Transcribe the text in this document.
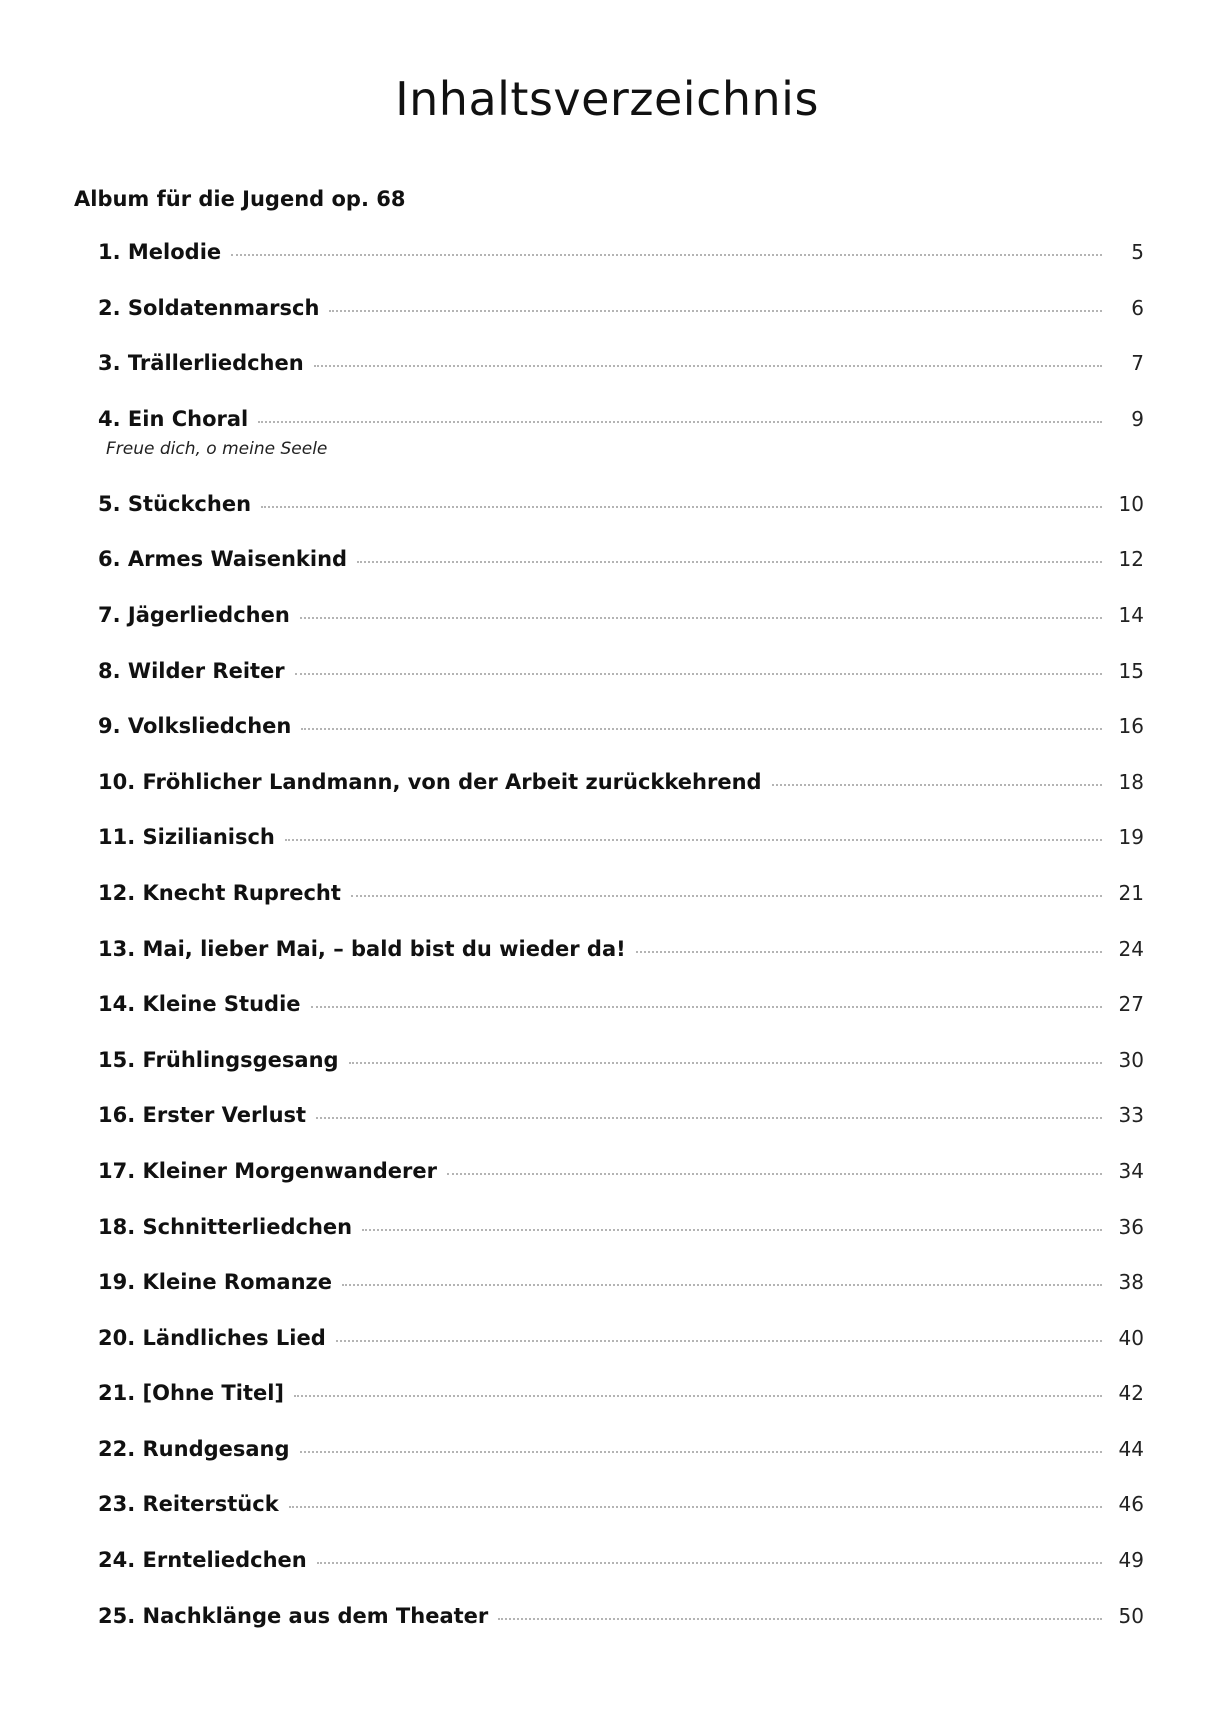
Inhaltsverzeichnis
Album für die Jugend op. 68
1. Melodie	5
2. Soldatenmarsch	6
3. Trällerliedchen	7
4. Ein Choral	9
Freue dich, o meine Seele
5. Stückchen	10
6. Armes Waisenkind	12
7. Jägerliedchen	14
8. Wilder Reiter	15
9. Volksliedchen	16
10. Fröhlicher Landmann, von der Arbeit zurückkehrend	18
11. Sizilianisch	19
12. Knecht Ruprecht	21
13. Mai, lieber Mai, – bald bist du wieder da!	24
14. Kleine Studie	27
15. Frühlingsgesang	30
16. Erster Verlust	33
17. Kleiner Morgenwanderer	34
18. Schnitterliedchen	36
19. Kleine Romanze	38
20. Ländliches Lied	40
21. [Ohne Titel]	42
22. Rundgesang	44
23. Reiterstück	46
24. Ernteliedchen	49
25. Nachklänge aus dem Theater	50
